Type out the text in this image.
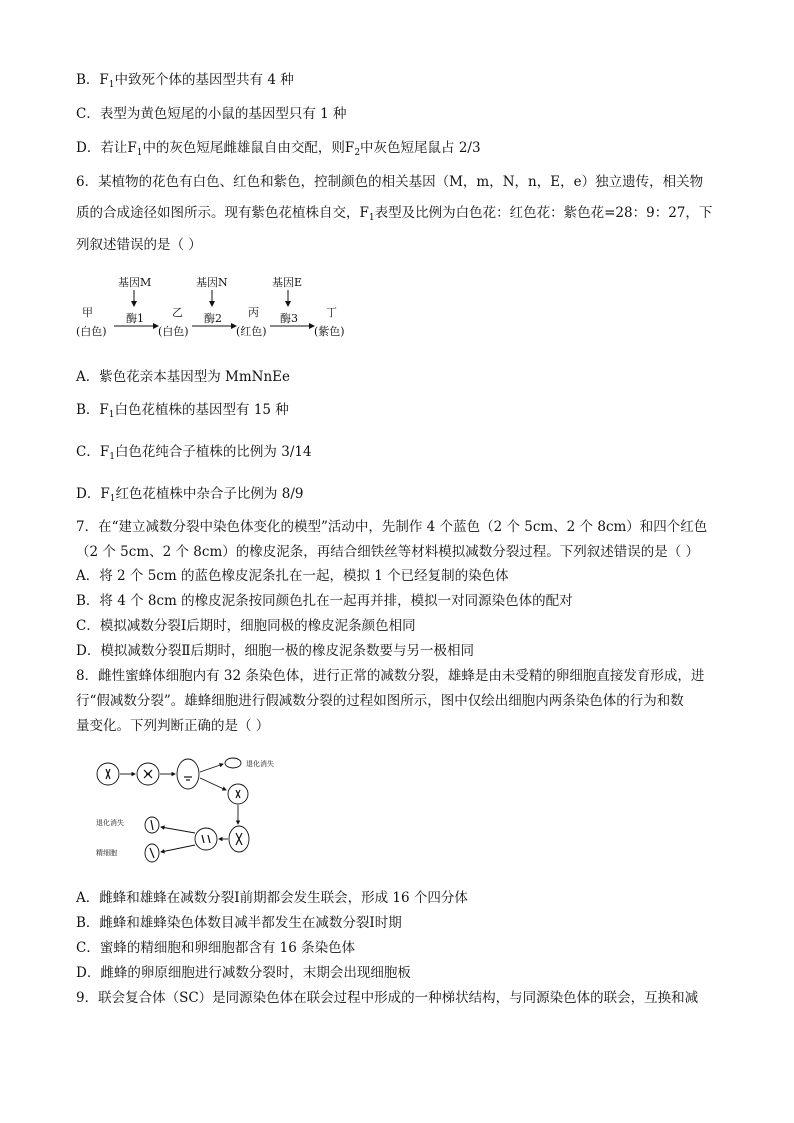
B．$F_1$中致死个体的基因型共有 4 种
C．表型为黄色短尾的小鼠的基因型只有 1 种
D．若让$F_1$中的灰色短尾雌雄鼠自由交配，则$F_2$中灰色短尾鼠占 2/3
6．某植物的花色有白色、红色和紫色，控制颜色的相关基因（M，m，N，n，E，e）独立遗传，相关物
质的合成途径如图所示。现有紫色花植株自交，$F_1$表型及比例为白色花：红色花：紫色花=28：9：27，下
列叙述错误的是（ ）
基因M	基因N	基因E
甲	乙	丙	丁
酶1	酶2	酶3
(白色)	(白色)	(红色)	(紫色)
A．紫色花亲本基因型为 MmNnEe
B．$F_1$白色花植株的基因型有 15 种
C．$F_1$白色花纯合子植株的比例为 3/14
D．$F_1$红色花植株中杂合子比例为 8/9
7．在“建立减数分裂中染色体变化的模型”活动中，先制作 4 个蓝色（2 个 5cm、2 个 8cm）和四个红色
（2 个 5cm、2 个 8cm）的橡皮泥条，再结合细铁丝等材料模拟减数分裂过程。下列叙述错误的是（ ）
A．将 2 个 5cm 的蓝色橡皮泥条扎在一起，模拟 1 个已经复制的染色体
B．将 4 个 8cm 的橡皮泥条按同颜色扎在一起再并排，模拟一对同源染色体的配对
C．模拟减数分裂Ⅰ后期时，细胞同极的橡皮泥条颜色相同
D．模拟减数分裂Ⅱ后期时，细胞一极的橡皮泥条数要与另一极相同
8．雌性蜜蜂体细胞内有 32 条染色体，进行正常的减数分裂，雄蜂是由未受精的卵细胞直接发育形成，进
行“假减数分裂”。雄蜂细胞进行假减数分裂的过程如图所示，图中仅绘出细胞内两条染色体的行为和数
量变化。下列判断正确的是（ ）
退化消失
退化消失
精细胞
A．雌蜂和雄蜂在减数分裂Ⅰ前期都会发生联会，形成 16 个四分体
B．雌蜂和雄蜂染色体数目减半都发生在减数分裂Ⅰ时期
C．蜜蜂的精细胞和卵细胞都含有 16 条染色体
D．雌蜂的卵原细胞进行减数分裂时，末期会出现细胞板
9．联会复合体（SC）是同源染色体在联会过程中形成的一种梯状结构，与同源染色体的联会，互换和减
